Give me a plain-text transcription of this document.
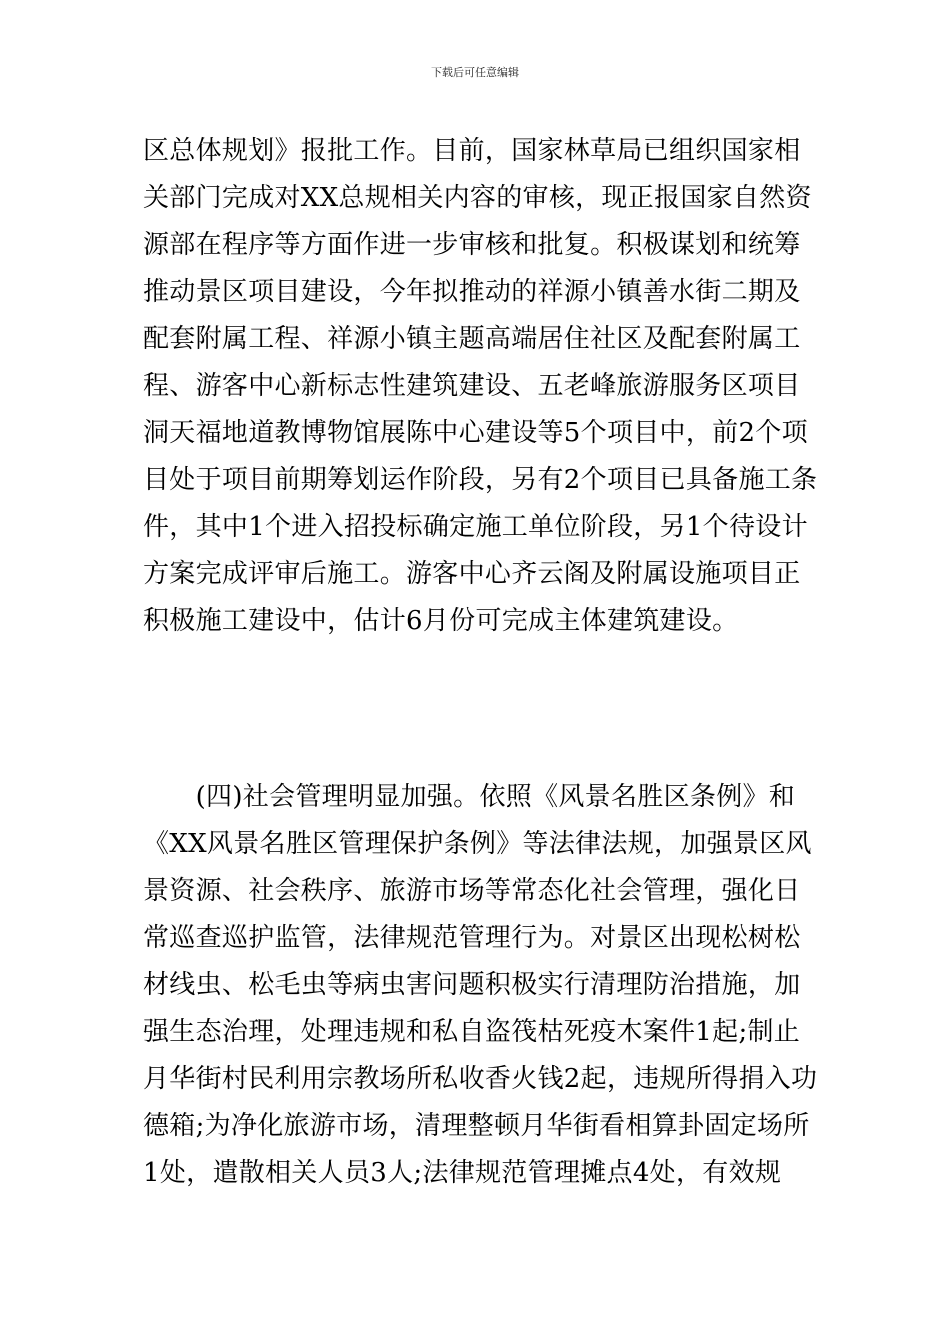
下载后可任意编辑
区总体规划》报批工作。目前，国家林草局已组织国家相
关部门完成对XX总规相关内容的审核，现正报国家自然资
源部在程序等方面作进一步审核和批复。积极谋划和统筹
推动景区项目建设，今年拟推动的祥源小镇善水街二期及
配套附属工程、祥源小镇主题高端居住社区及配套附属工
程、游客中心新标志性建筑建设、五老峰旅游服务区项目
洞天福地道教博物馆展陈中心建设等5个项目中，前2个项
目处于项目前期筹划运作阶段，另有2个项目已具备施工条
件，其中1个进入招投标确定施工单位阶段，另1个待设计
方案完成评审后施工。游客中心齐云阁及附属设施项目正
积极施工建设中，估计6月份可完成主体建筑建设。
　　(四)社会管理明显加强。依照《风景名胜区条例》和
《XX风景名胜区管理保护条例》等法律法规，加强景区风
景资源、社会秩序、旅游市场等常态化社会管理，强化日
常巡查巡护监管，法律规范管理行为。对景区出现松树松
材线虫、松毛虫等病虫害问题积极实行清理防治措施，加
强生态治理，处理违规和私自盗筏枯死疫木案件1起;制止
月华街村民利用宗教场所私收香火钱2起，违规所得捐入功
德箱;为净化旅游市场，清理整顿月华街看相算卦固定场所
1处，遣散相关人员3人;法律规范管理摊点4处，有效规
